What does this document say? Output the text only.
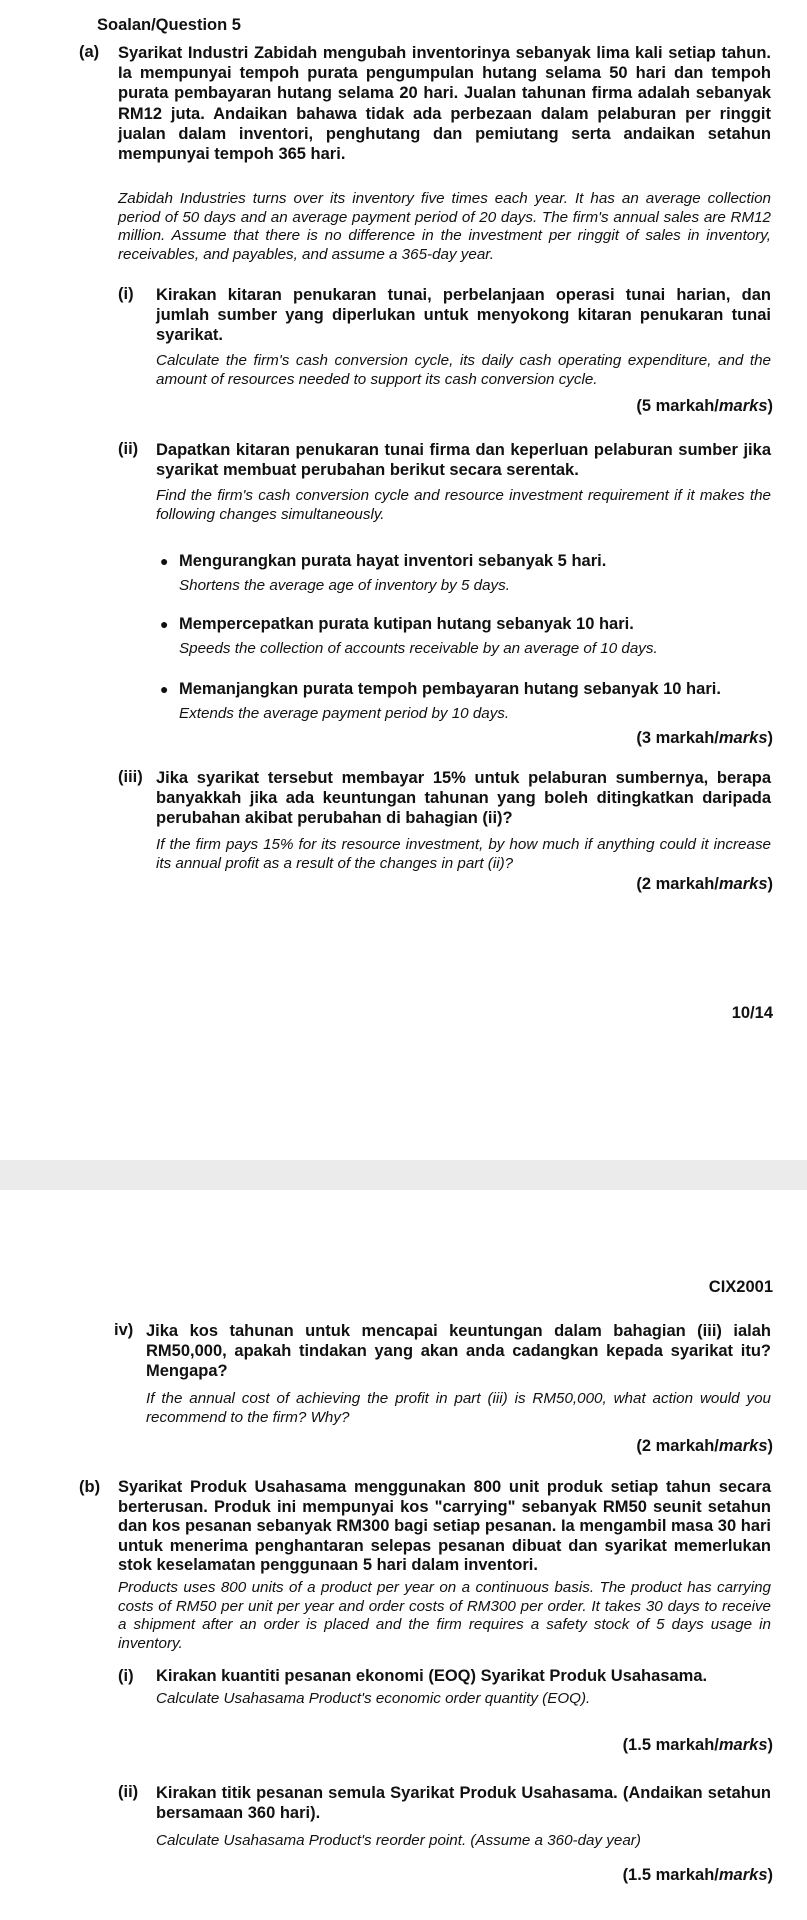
Soalan/Question 5
(a) Syarikat Industri Zabidah mengubah inventorinya sebanyak lima kali setiap tahun. Ia mempunyai tempoh purata pengumpulan hutang selama 50 hari dan tempoh purata pembayaran hutang selama 20 hari. Jualan tahunan firma adalah sebanyak RM12 juta. Andaikan bahawa tidak ada perbezaan dalam pelaburan per ringgit jualan dalam inventori, penghutang dan pemiutang serta andaikan setahun mempunyai tempoh 365 hari.
Zabidah Industries turns over its inventory five times each year. It has an average collection period of 50 days and an average payment period of 20 days. The firm's annual sales are RM12 million. Assume that there is no difference in the investment per ringgit of sales in inventory, receivables, and payables, and assume a 365-day year.
(i) Kirakan kitaran penukaran tunai, perbelanjaan operasi tunai harian, dan jumlah sumber yang diperlukan untuk menyokong kitaran penukaran tunai syarikat.
Calculate the firm's cash conversion cycle, its daily cash operating expenditure, and the amount of resources needed to support its cash conversion cycle.
(5 markah/marks)
(ii) Dapatkan kitaran penukaran tunai firma dan keperluan pelaburan sumber jika syarikat membuat perubahan berikut secara serentak.
Find the firm's cash conversion cycle and resource investment requirement if it makes the following changes simultaneously.
● Mengurangkan purata hayat inventori sebanyak 5 hari.
Shortens the average age of inventory by 5 days.
● Mempercepatkan purata kutipan hutang sebanyak 10 hari.
Speeds the collection of accounts receivable by an average of 10 days.
● Memanjangkan purata tempoh pembayaran hutang sebanyak 10 hari.
Extends the average payment period by 10 days.
(3 markah/marks)
(iii) Jika syarikat tersebut membayar 15% untuk pelaburan sumbernya, berapa banyakkah jika ada keuntungan tahunan yang boleh ditingkatkan daripada perubahan akibat perubahan di bahagian (ii)?
If the firm pays 15% for its resource investment, by how much if anything could it increase its annual profit as a result of the changes in part (ii)?
(2 markah/marks)
10/14
CIX2001
iv) Jika kos tahunan untuk mencapai keuntungan dalam bahagian (iii) ialah RM50,000, apakah tindakan yang akan anda cadangkan kepada syarikat itu? Mengapa?
If the annual cost of achieving the profit in part (iii) is RM50,000, what action would you recommend to the firm? Why?
(2 markah/marks)
(b) Syarikat Produk Usahasama menggunakan 800 unit produk setiap tahun secara berterusan. Produk ini mempunyai kos "carrying" sebanyak RM50 seunit setahun dan kos pesanan sebanyak RM300 bagi setiap pesanan. Ia mengambil masa 30 hari untuk menerima penghantaran selepas pesanan dibuat dan syarikat memerlukan stok keselamatan penggunaan 5 hari dalam inventori.
Products uses 800 units of a product per year on a continuous basis. The product has carrying costs of RM50 per unit per year and order costs of RM300 per order. It takes 30 days to receive a shipment after an order is placed and the firm requires a safety stock of 5 days usage in inventory.
(i) Kirakan kuantiti pesanan ekonomi (EOQ) Syarikat Produk Usahasama.
Calculate Usahasama Product's economic order quantity (EOQ).
(1.5 markah/marks)
(ii) Kirakan titik pesanan semula Syarikat Produk Usahasama. (Andaikan setahun bersamaan 360 hari).
Calculate Usahasama Product's reorder point. (Assume a 360-day year)
(1.5 markah/marks)
